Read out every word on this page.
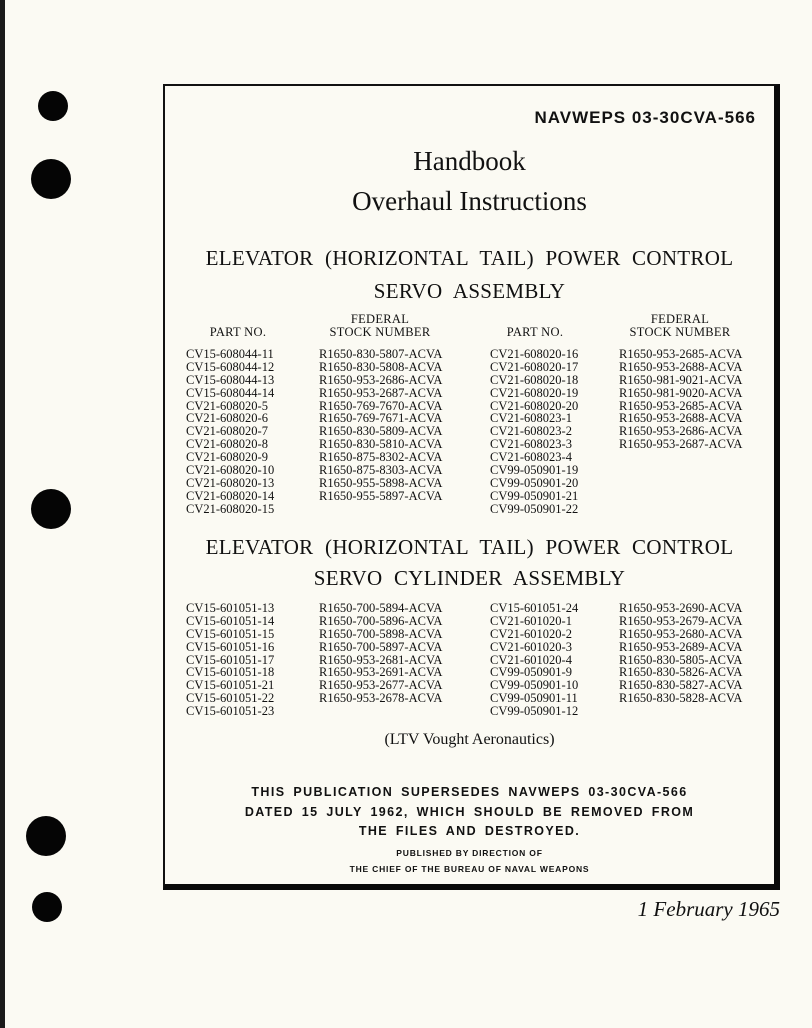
NAVWEPS 03-30CVA-566
Handbook
Overhaul Instructions
ELEVATOR (HORIZONTAL TAIL) POWER CONTROL
SERVO ASSEMBLY
PART NO.
FEDERAL
STOCK NUMBER	PART NO.
FEDERAL
STOCK NUMBER
CV15-608044-11
CV15-608044-12
CV15-608044-13
CV15-608044-14
CV21-608020-5
CV21-608020-6
CV21-608020-7
CV21-608020-8
CV21-608020-9
CV21-608020-10
CV21-608020-13
CV21-608020-14
CV21-608020-15
R1650-830-5807-ACVA
R1650-830-5808-ACVA
R1650-953-2686-ACVA
R1650-953-2687-ACVA
R1650-769-7670-ACVA
R1650-769-7671-ACVA
R1650-830-5809-ACVA
R1650-830-5810-ACVA
R1650-875-8302-ACVA
R1650-875-8303-ACVA
R1650-955-5898-ACVA
R1650-955-5897-ACVA
CV21-608020-16
CV21-608020-17
CV21-608020-18
CV21-608020-19
CV21-608020-20
CV21-608023-1
CV21-608023-2
CV21-608023-3
CV21-608023-4
CV99-050901-19
CV99-050901-20
CV99-050901-21
CV99-050901-22
R1650-953-2685-ACVA
R1650-953-2688-ACVA
R1650-981-9021-ACVA
R1650-981-9020-ACVA
R1650-953-2685-ACVA
R1650-953-2688-ACVA
R1650-953-2686-ACVA
R1650-953-2687-ACVA
ELEVATOR (HORIZONTAL TAIL) POWER CONTROL
SERVO CYLINDER ASSEMBLY
CV15-601051-13
CV15-601051-14
CV15-601051-15
CV15-601051-16
CV15-601051-17
CV15-601051-18
CV15-601051-21
CV15-601051-22
CV15-601051-23
R1650-700-5894-ACVA
R1650-700-5896-ACVA
R1650-700-5898-ACVA
R1650-700-5897-ACVA
R1650-953-2681-ACVA
R1650-953-2691-ACVA
R1650-953-2677-ACVA
R1650-953-2678-ACVA
CV15-601051-24
CV21-601020-1
CV21-601020-2
CV21-601020-3
CV21-601020-4
CV99-050901-9
CV99-050901-10
CV99-050901-11
CV99-050901-12
R1650-953-2690-ACVA
R1650-953-2679-ACVA
R1650-953-2680-ACVA
R1650-953-2689-ACVA
R1650-830-5805-ACVA
R1650-830-5826-ACVA
R1650-830-5827-ACVA
R1650-830-5828-ACVA
(LTV Vought Aeronautics)
THIS PUBLICATION SUPERSEDES NAVWEPS 03-30CVA-566
DATED 15 JULY 1962, WHICH SHOULD BE REMOVED FROM
THE FILES AND DESTROYED.
PUBLISHED BY DIRECTION OF
THE CHIEF OF THE BUREAU OF NAVAL WEAPONS
1 February 1965
